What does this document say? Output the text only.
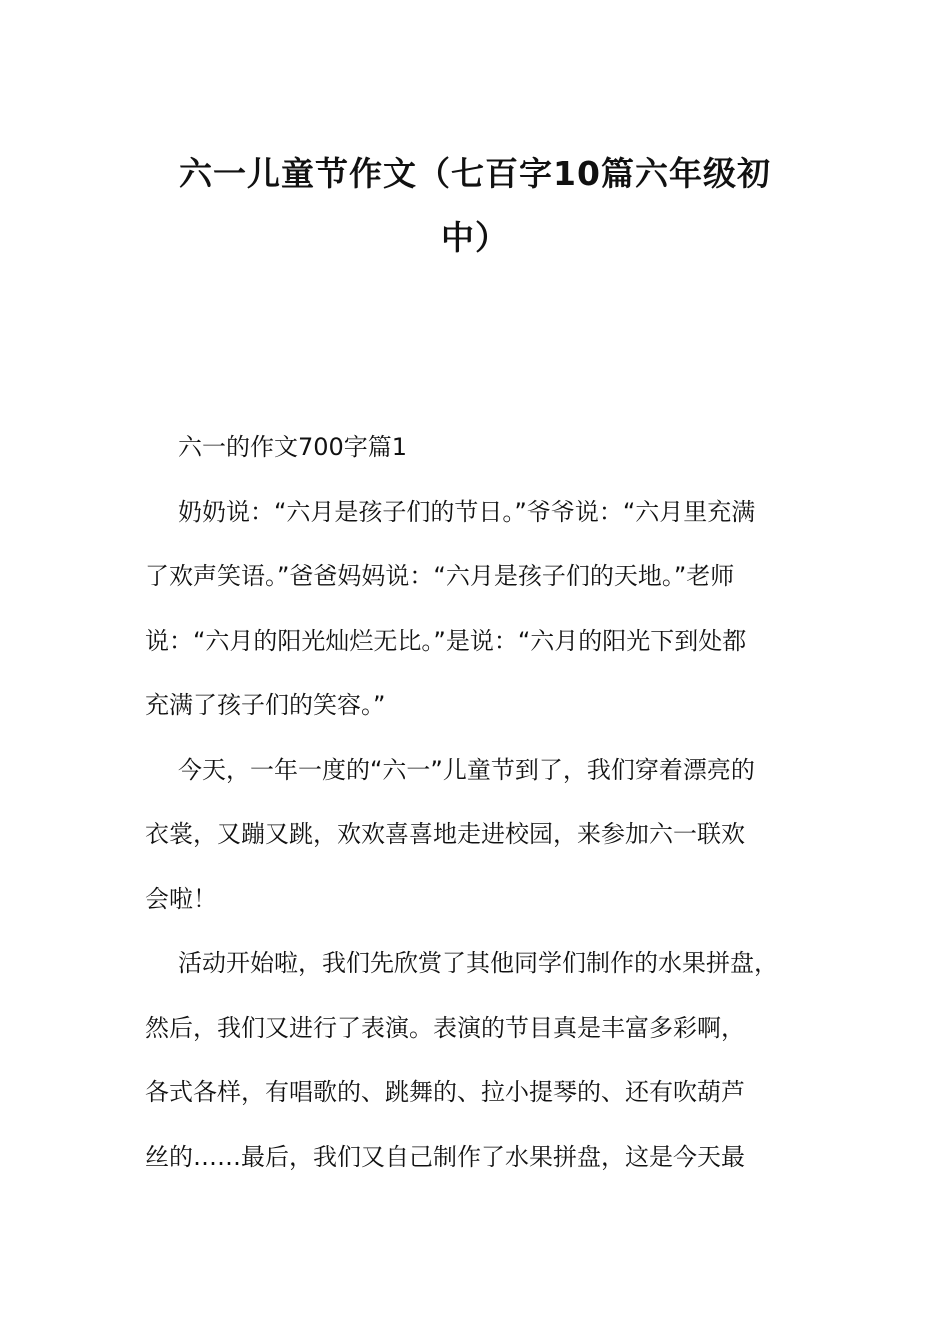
六一儿童节作文（七百字10篇六年级初
中）

六一的作文700字篇1

奶奶说：“六月是孩子们的节日。”爷爷说：“六月里充满

了欢声笑语。”爸爸妈妈说：“六月是孩子们的天地。”老师

说：“六月的阳光灿烂无比。”是说：“六月的阳光下到处都

充满了孩子们的笑容。”

今天，一年一度的“六一”儿童节到了，我们穿着漂亮的

衣裳，又蹦又跳，欢欢喜喜地走进校园，来参加六一联欢

会啦！

活动开始啦，我们先欣赏了其他同学们制作的水果拼盘，

然后，我们又进行了表演。表演的节目真是丰富多彩啊，

各式各样，有唱歌的、跳舞的、拉小提琴的、还有吹葫芦

丝的……最后，我们又自己制作了水果拼盘，这是今天最
